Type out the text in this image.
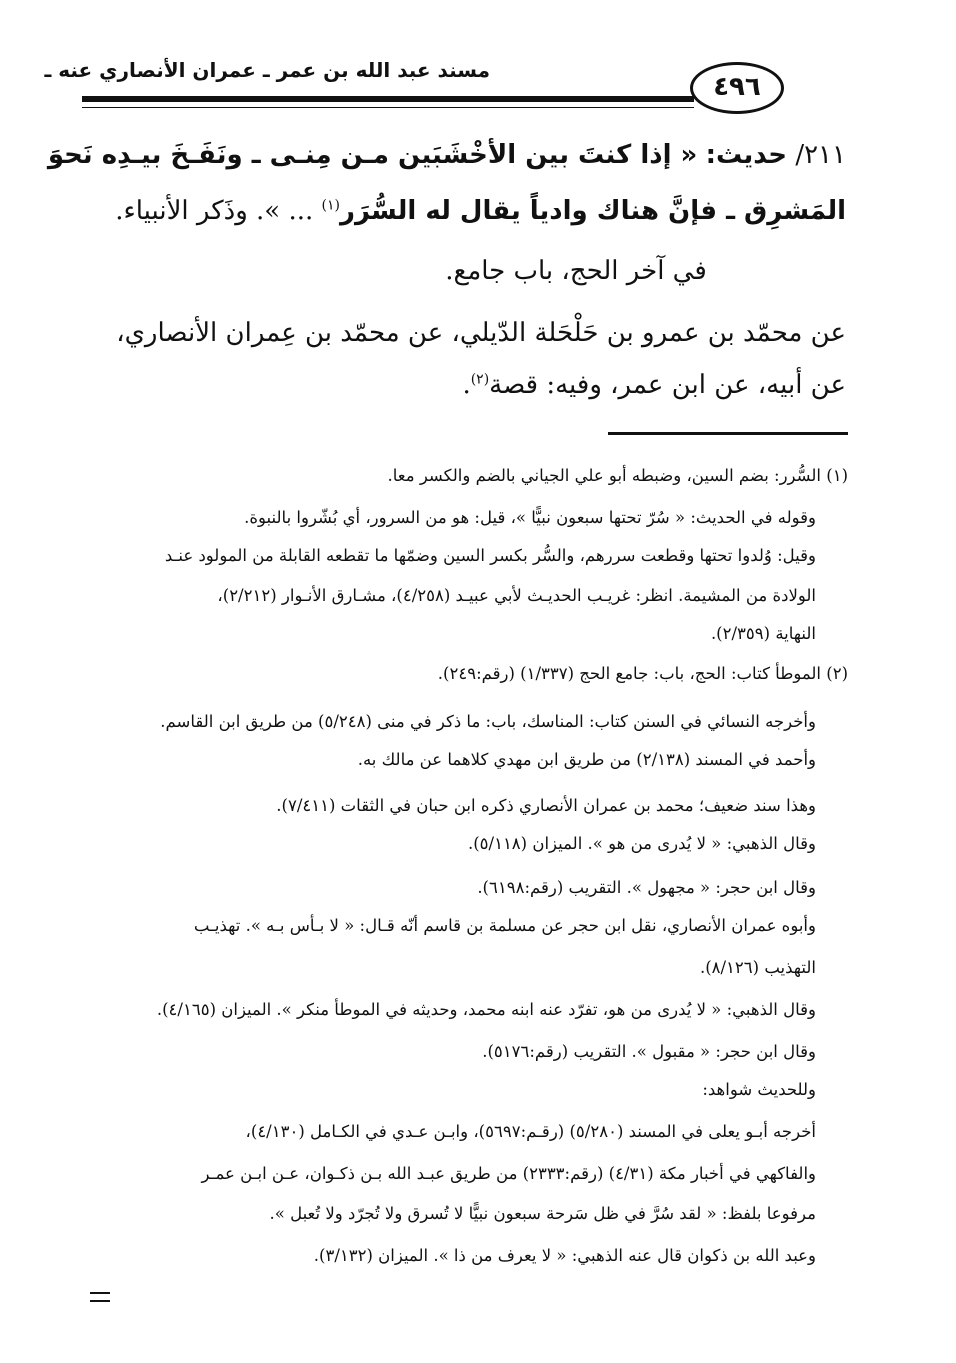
مسند عبد الله بن عمر ـ عمران الأنصاري عنه ـ
٤٩٦
٢١١/ حديث: « إذا كنتَ بين الأخْشَبَين مـن مِنـى ـ ونَفَـخَ بيـدِه نَحوَ
المَشرِق ـ فإنَّ هناك وادياً يقال له السُّرَر$^{(١)}$ ... ». وذَكر الأنبياء.
في آخر الحج، باب جامع.
عن محمّد بن عمرو بن حَلْحَلة الدّيلي، عن محمّد بن عِمران الأنصاري،
عن أبيه، عن ابن عمر، وفيه: قصة$^{(٢)}$.
(١) السُّرر: بضم السين، وضبطه أبو علي الجياني بالضم والكسر معا.
وقوله في الحديث: « سُرّ تحتها سبعون نبيًّا »، قيل: هو من السرور، أي بُشّروا بالنبوة.
وقيل: وُلدوا تحتها وقطعت سررهم، والسُّر بكسر السين وضمّها ما تقطعه القابلة من المولود عنـد
الولادة من المشيمة. انظر: غريـب الحديـث لأبي عبيـد (٤/٢٥٨)، مشـارق الأنـوار (٢/٢١٢)،
النهاية (٢/٣٥٩).
(٢) الموطأ كتاب: الحج، باب: جامع الحج (١/٣٣٧) (رقم:٢٤٩).
وأخرجه النسائي في السنن كتاب: المناسك، باب: ما ذكر في منى (٥/٢٤٨) من طريق ابن القاسم.
وأحمد في المسند (٢/١٣٨) من طريق ابن مهدي كلاهما عن مالك به.
وهذا سند ضعيف؛ محمد بن عمران الأنصاري ذكره ابن حبان في الثقات (٧/٤١١).
وقال الذهبي: « لا يُدرى من هو ». الميزان (٥/١١٨).
وقال ابن حجر: « مجهول ». التقريب (رقم:٦١٩٨).
وأبوه عمران الأنصاري، نقل ابن حجر عن مسلمة بن قاسم أنّه قـال: « لا بـأس بـه ». تهذيـب
التهذيب (٨/١٢٦).
وقال الذهبي: « لا يُدرى من هو، تفرّد عنه ابنه محمد، وحديثه في الموطأ منكر ». الميزان (٤/١٦٥).
وقال ابن حجر: « مقبول ». التقريب (رقم:٥١٧٦).
وللحديث شواهد:
أخرجه أبـو يعلى في المسند (٥/٢٨٠) (رقـم:٥٦٩٧)، وابـن عـدي في الكـامل (٤/١٣٠)،
والفاكهي في أخبار مكة (٤/٣١) (رقم:٢٣٣٣) من طريق عبـد الله بـن ذكـوان، عـن ابـن عمـر
مرفوعا بلفظ: « لقد سُرَّ في ظل سَرحة سبعون نبيًّا لا تُسرق ولا تُجرّد ولا تُعبل ».
وعبد الله بن ذكوان قال عنه الذهبي: « لا يعرف من ذا ». الميزان (٣/١٣٢).
